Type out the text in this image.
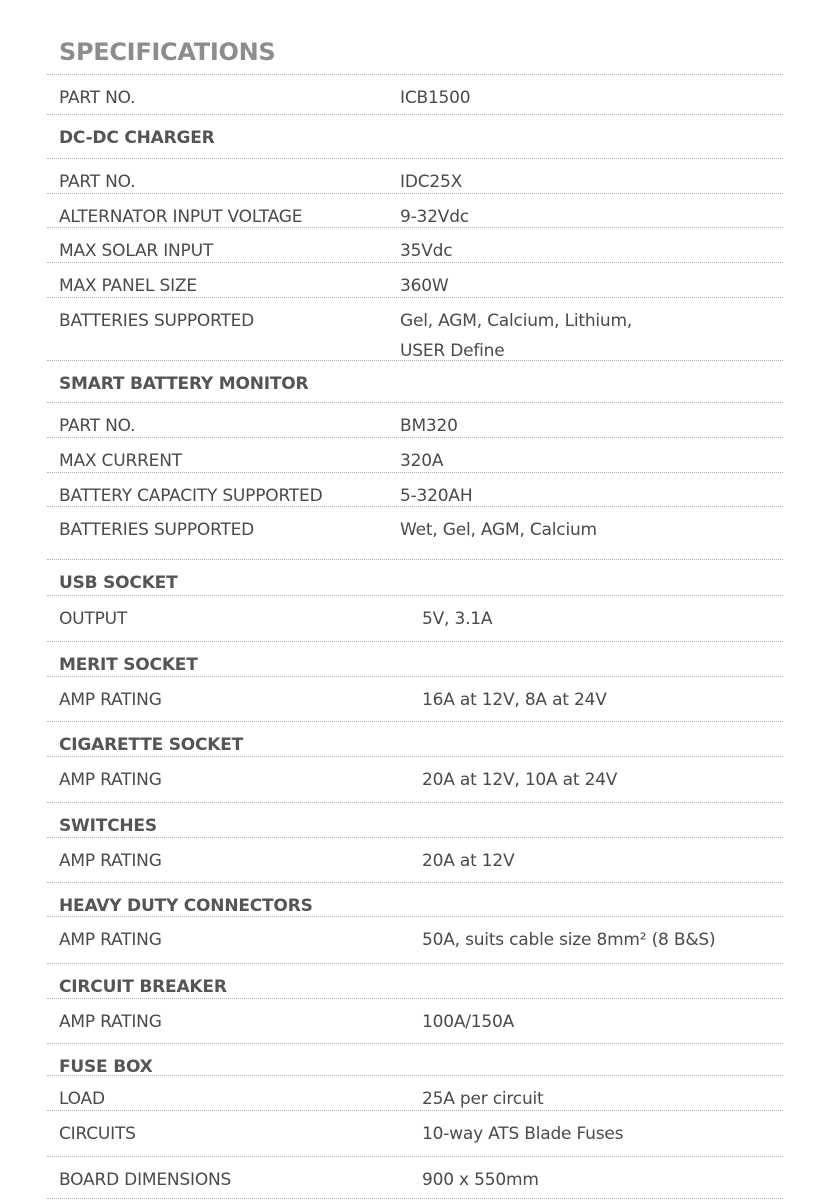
SPECIFICATIONS
PART NO.	ICB1500
DC-DC CHARGER
PART NO.	IDC25X
ALTERNATOR INPUT VOLTAGE	9-32Vdc
MAX SOLAR INPUT	35Vdc
MAX PANEL SIZE	360W
BATTERIES SUPPORTED	Gel, AGM, Calcium, Lithium,
USER Define
SMART BATTERY MONITOR
PART NO.	BM320
MAX CURRENT	320A
BATTERY CAPACITY SUPPORTED	5-320AH
BATTERIES SUPPORTED	Wet, Gel, AGM, Calcium
USB SOCKET
OUTPUT	5V, 3.1A
MERIT SOCKET
AMP RATING	16A at 12V, 8A at 24V
CIGARETTE SOCKET
AMP RATING	20A at 12V, 10A at 24V
SWITCHES
AMP RATING	20A at 12V
HEAVY DUTY CONNECTORS
AMP RATING	50A, suits cable size 8mm² (8 B&S)
CIRCUIT BREAKER
AMP RATING	100A/150A
FUSE BOX
LOAD	25A per circuit
CIRCUITS	10-way ATS Blade Fuses
BOARD DIMENSIONS	900 x 550mm
